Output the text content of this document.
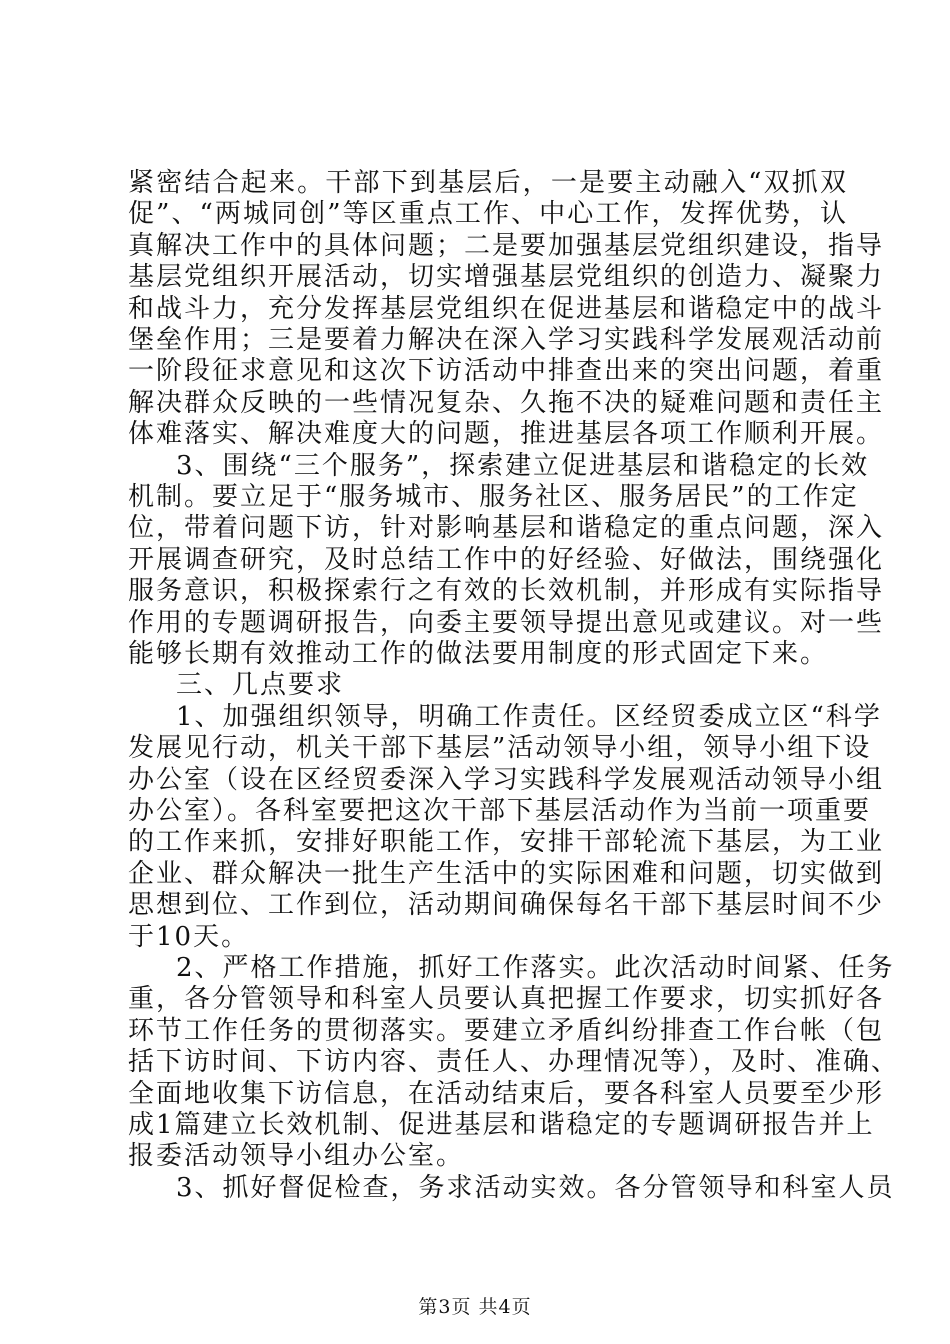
紧密结合起来。干部下到基层后，一是要主动融入“双抓双
促”、“两城同创”等区重点工作、中心工作，发挥优势，认
真解决工作中的具体问题；二是要加强基层党组织建设，指导
基层党组织开展活动，切实增强基层党组织的创造力、凝聚力
和战斗力，充分发挥基层党组织在促进基层和谐稳定中的战斗
堡垒作用；三是要着力解决在深入学习实践科学发展观活动前
一阶段征求意见和这次下访活动中排查出来的突出问题，着重
解决群众反映的一些情况复杂、久拖不决的疑难问题和责任主
体难落实、解决难度大的问题，推进基层各项工作顺利开展。
3、围绕“三个服务”，探索建立促进基层和谐稳定的长效
机制。要立足于“服务城市、服务社区、服务居民”的工作定
位，带着问题下访，针对影响基层和谐稳定的重点问题，深入
开展调查研究，及时总结工作中的好经验、好做法，围绕强化
服务意识，积极探索行之有效的长效机制，并形成有实际指导
作用的专题调研报告，向委主要领导提出意见或建议。对一些
能够长期有效推动工作的做法要用制度的形式固定下来。
三、几点要求
1、加强组织领导，明确工作责任。区经贸委成立区“科学
发展见行动，机关干部下基层”活动领导小组，领导小组下设
办公室（设在区经贸委深入学习实践科学发展观活动领导小组
办公室）。各科室要把这次干部下基层活动作为当前一项重要
的工作来抓，安排好职能工作，安排干部轮流下基层，为工业
企业、群众解决一批生产生活中的实际困难和问题，切实做到
思想到位、工作到位，活动期间确保每名干部下基层时间不少
于10天。
2、严格工作措施，抓好工作落实。此次活动时间紧、任务
重，各分管领导和科室人员要认真把握工作要求，切实抓好各
环节工作任务的贯彻落实。要建立矛盾纠纷排查工作台帐（包
括下访时间、下访内容、责任人、办理情况等），及时、准确、
全面地收集下访信息，在活动结束后，要各科室人员要至少形
成1篇建立长效机制、促进基层和谐稳定的专题调研报告并上
第3页 共4页
报委活动领导小组办公室。
3、抓好督促检查，务求活动实效。各分管领导和科室人员
